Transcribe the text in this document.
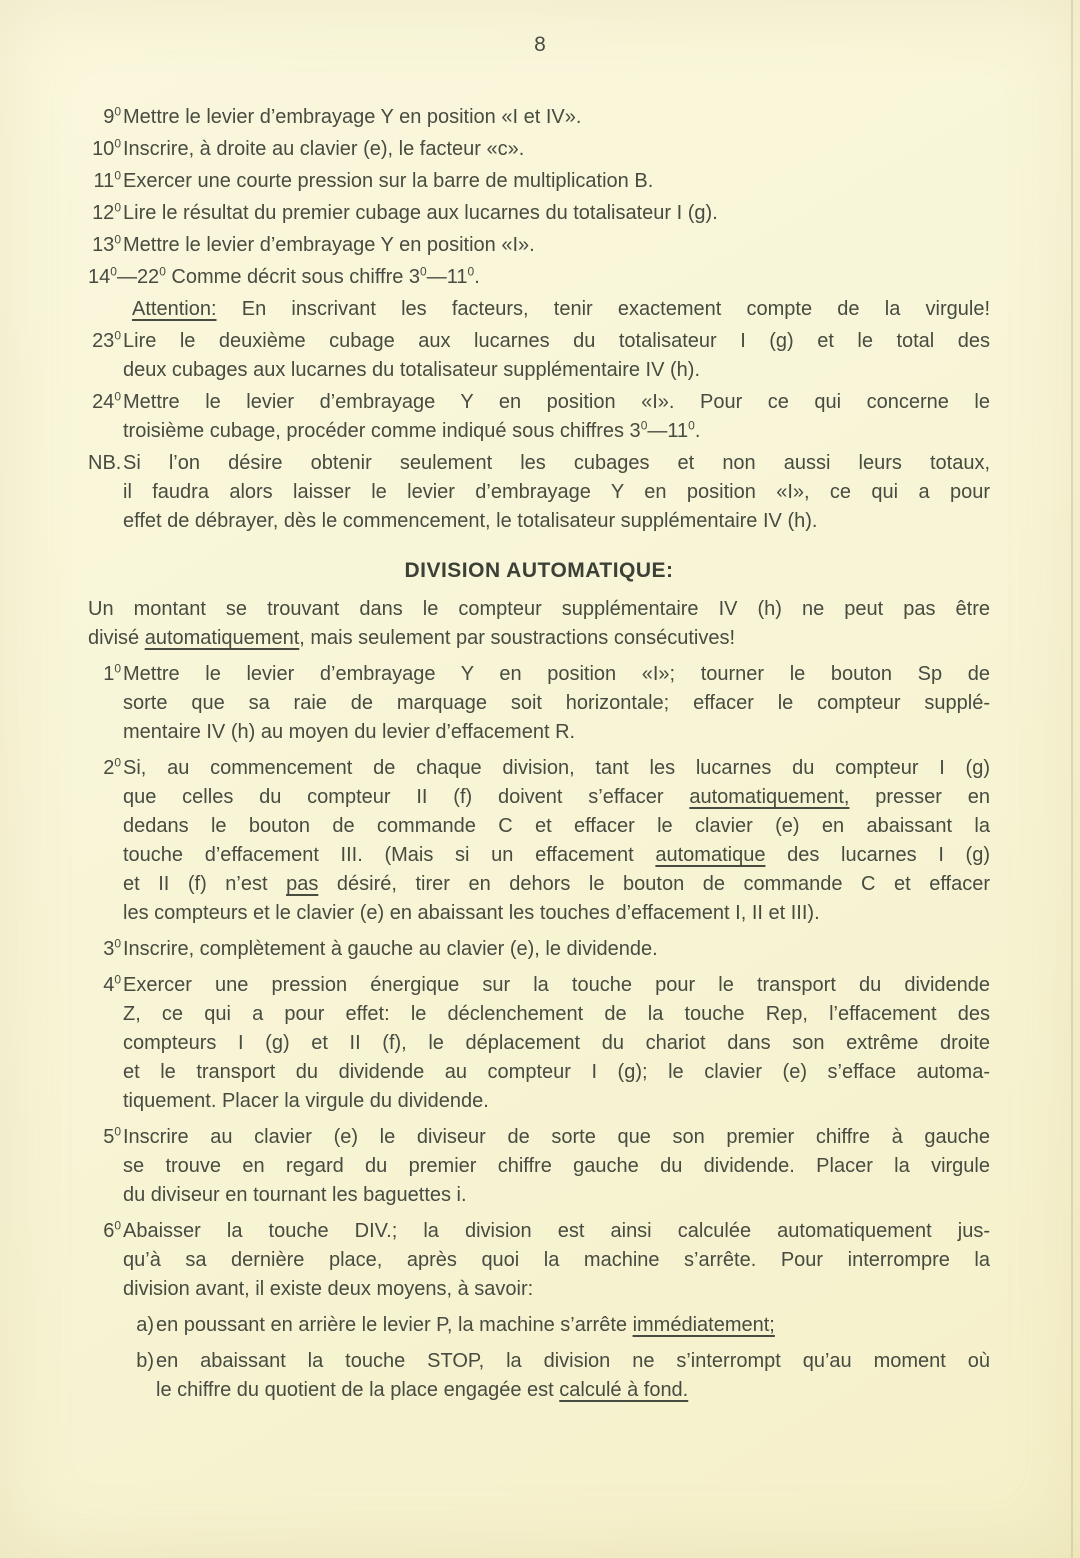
$9^0$ Mettre le levier d’embrayage Y en position «I et IV».
$10^0$ Inscrire, à droite au clavier (e), le facteur «c».
$11^0$ Exercer une courte pression sur la barre de multiplication B.
$12^0$ Lire le résultat du premier cubage aux lucarnes du totalisateur I (g).
$13^0$ Mettre le levier d’embrayage Y en position «I».
$14^0—22^0$ Comme décrit sous chiffre $3^0—11^0$.
Attention: En inscrivant les facteurs, tenir exactement compte de la virgule!
$23^0$ Lire le deuxième cubage aux lucarnes du totalisateur I (g) et le total des
deux cubages aux lucarnes du totalisateur supplémentaire IV (h).
$24^0$ Mettre le levier d’embrayage Y en position «I». Pour ce qui concerne le
troisième cubage, procéder comme indiqué sous chiffres $3^0—11^0$.
NB. Si l’on désire obtenir seulement les cubages et non aussi leurs totaux,
il faudra alors laisser le levier d’embrayage Y en position «I», ce qui a pour
effet de débrayer, dès le commencement, le totalisateur supplémentaire IV (h).
DIVISION AUTOMATIQUE:
Un montant se trouvant dans le compteur supplémentaire IV (h) ne peut pas être
divisé automatiquement, mais seulement par soustractions consécutives!
$1^0$ Mettre le levier d’embrayage Y en position «I»; tourner le bouton Sp de
sorte que sa raie de marquage soit horizontale; effacer le compteur supplé-
mentaire IV (h) au moyen du levier d’effacement R.
$2^0$ Si, au commencement de chaque division, tant les lucarnes du compteur I (g)
que celles du compteur II (f) doivent s’effacer automatiquement, presser en
dedans le bouton de commande C et effacer le clavier (e) en abaissant la
touche d’effacement III. (Mais si un effacement automatique des lucarnes I (g)
et II (f) n’est pas désiré, tirer en dehors le bouton de commande C et effacer
les compteurs et le clavier (e) en abaissant les touches d’effacement I, II et III).
$3^0$ Inscrire, complètement à gauche au clavier (e), le dividende.
$4^0$ Exercer une pression énergique sur la touche pour le transport du dividende
Z, ce qui a pour effet: le déclenchement de la touche Rep, l’effacement des
compteurs I (g) et II (f), le déplacement du chariot dans son extrême droite
et le transport du dividende au compteur I (g); le clavier (e) s’efface automa-
tiquement. Placer la virgule du dividende.
$5^0$ Inscrire au clavier (e) le diviseur de sorte que son premier chiffre à gauche
se trouve en regard du premier chiffre gauche du dividende. Placer la virgule
du diviseur en tournant les baguettes i.
$6^0$ Abaisser la touche DIV.; la division est ainsi calculée automatiquement jus-
qu’à sa dernière place, après quoi la machine s’arrête. Pour interrompre la
division avant, il existe deux moyens, à savoir:
a) en poussant en arrière le levier P, la machine s’arrête immédiatement;
b) en abaissant la touche STOP, la division ne s’interrompt qu’au moment où
le chiffre du quotient de la place engagée est calculé à fond.
8
